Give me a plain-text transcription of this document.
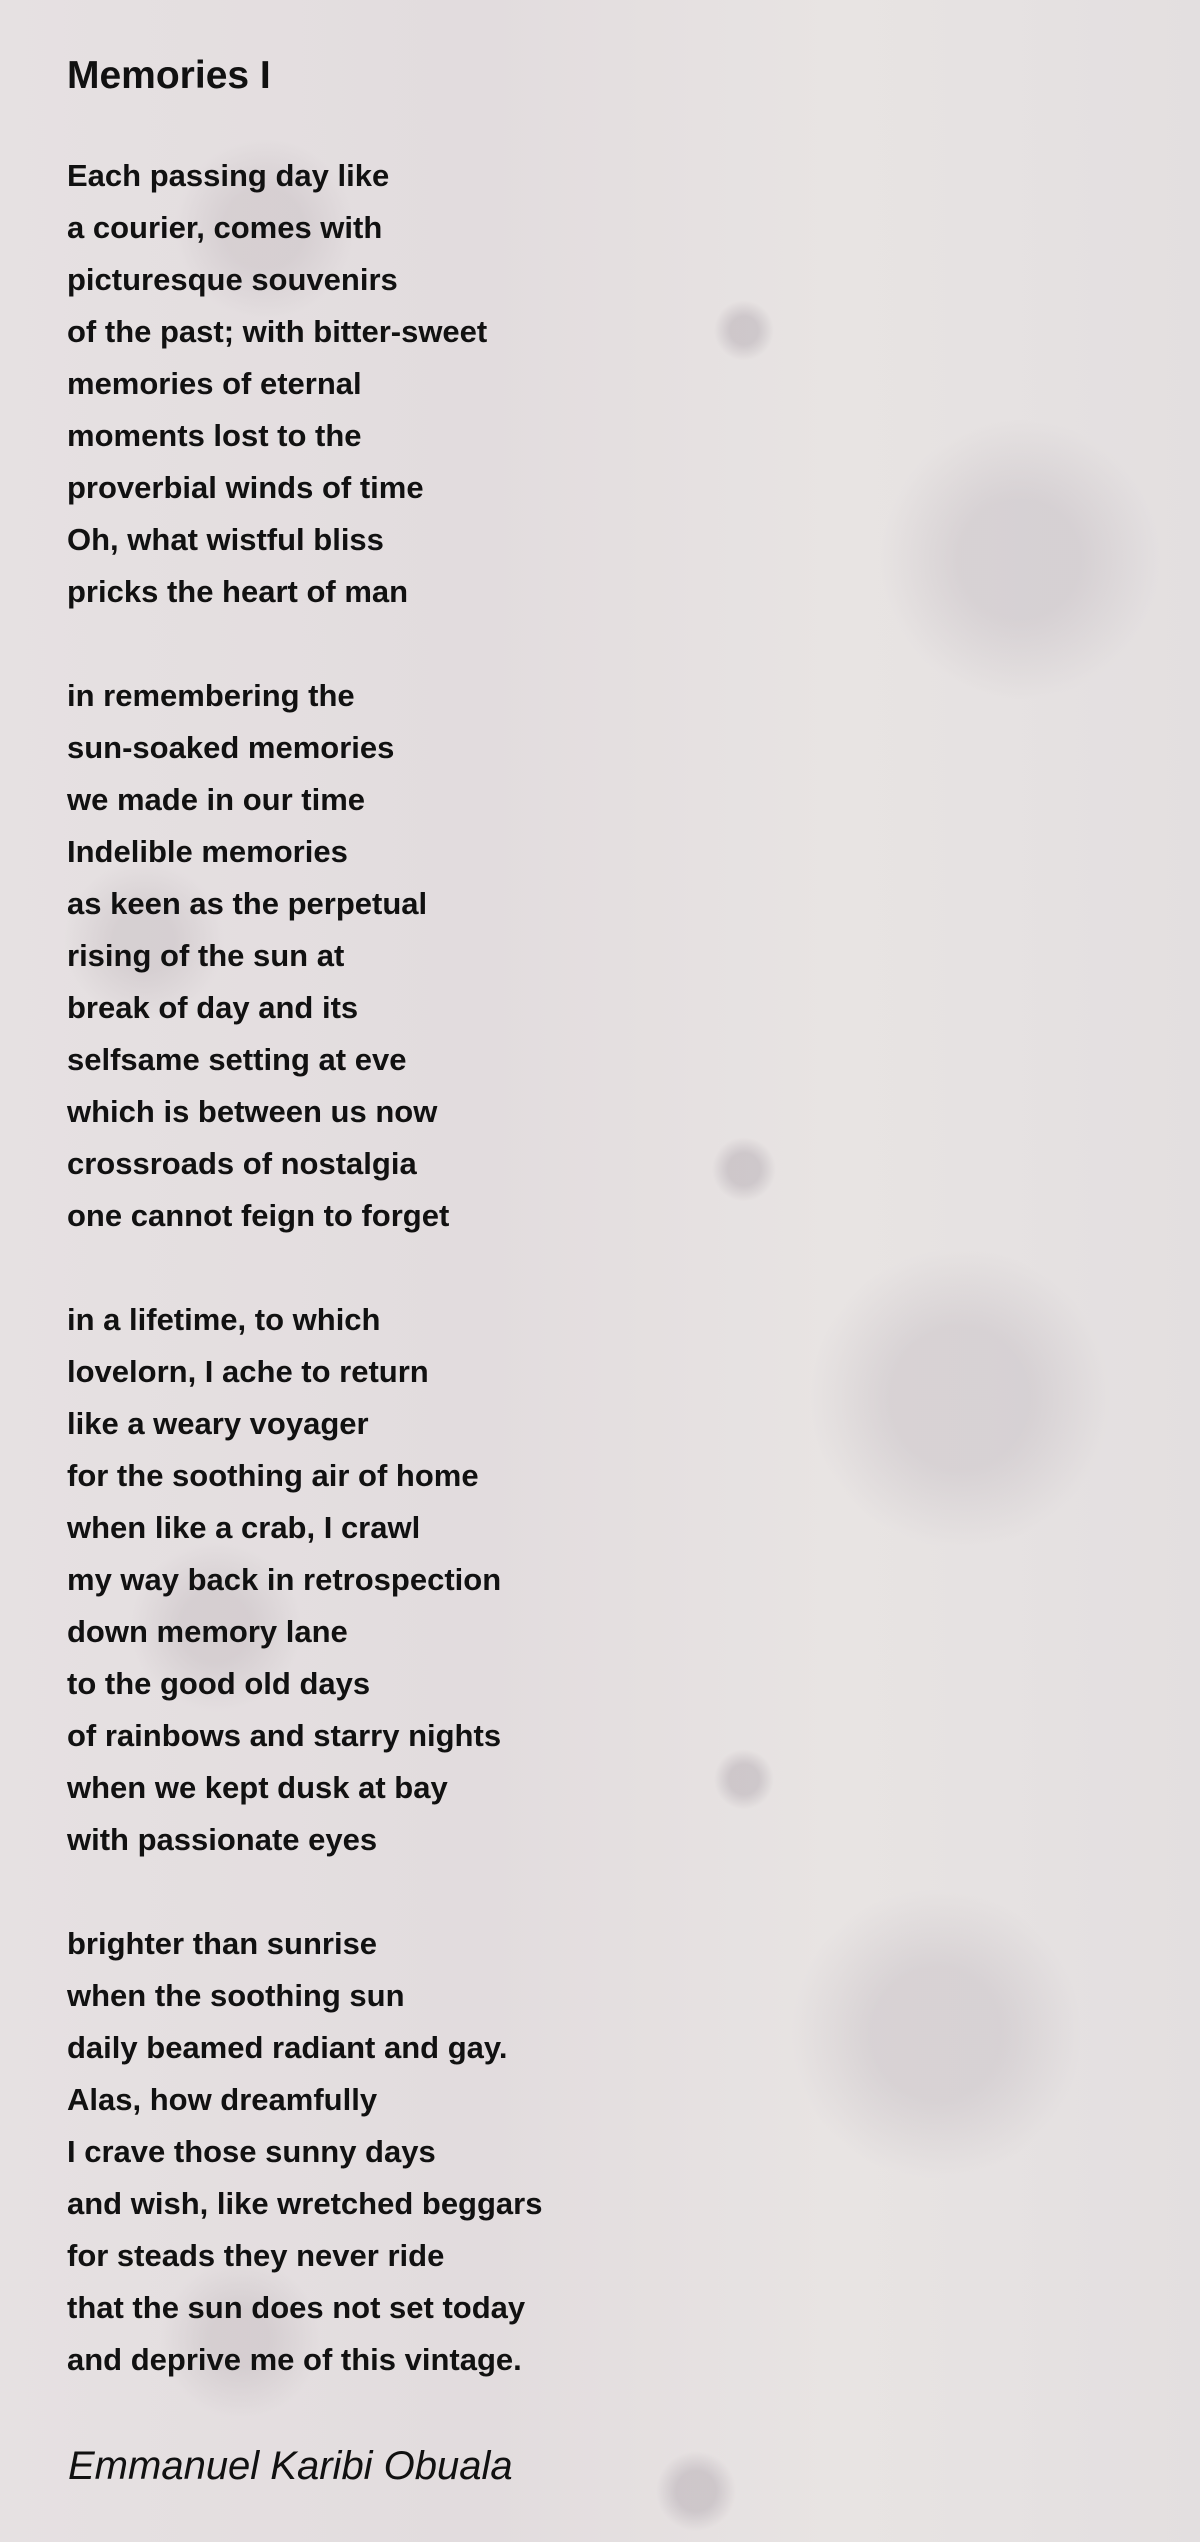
Memories I
Each passing day like
a courier, comes with
picturesque souvenirs
of the past; with bitter-sweet
memories of eternal
moments lost to the
proverbial winds of time
Oh, what wistful bliss
pricks the heart of man
in remembering the
sun-soaked memories
we made in our time
Indelible memories
as keen as the perpetual
rising of the sun at
break of day and its
selfsame setting at eve
which is between us now
crossroads of nostalgia
one cannot feign to forget
in a lifetime, to which
lovelorn, I ache to return
like a weary voyager
for the soothing air of home
when like a crab, I crawl
my way back in retrospection
down memory lane
to the good old days
of rainbows and starry nights
when we kept dusk at bay
with passionate eyes
brighter than sunrise
when the soothing sun
daily beamed radiant and gay.
Alas, how dreamfully
I crave those sunny days
and wish, like wretched beggars
for steads they never ride
that the sun does not set today
and deprive me of this vintage.
Emmanuel Karibi Obuala
